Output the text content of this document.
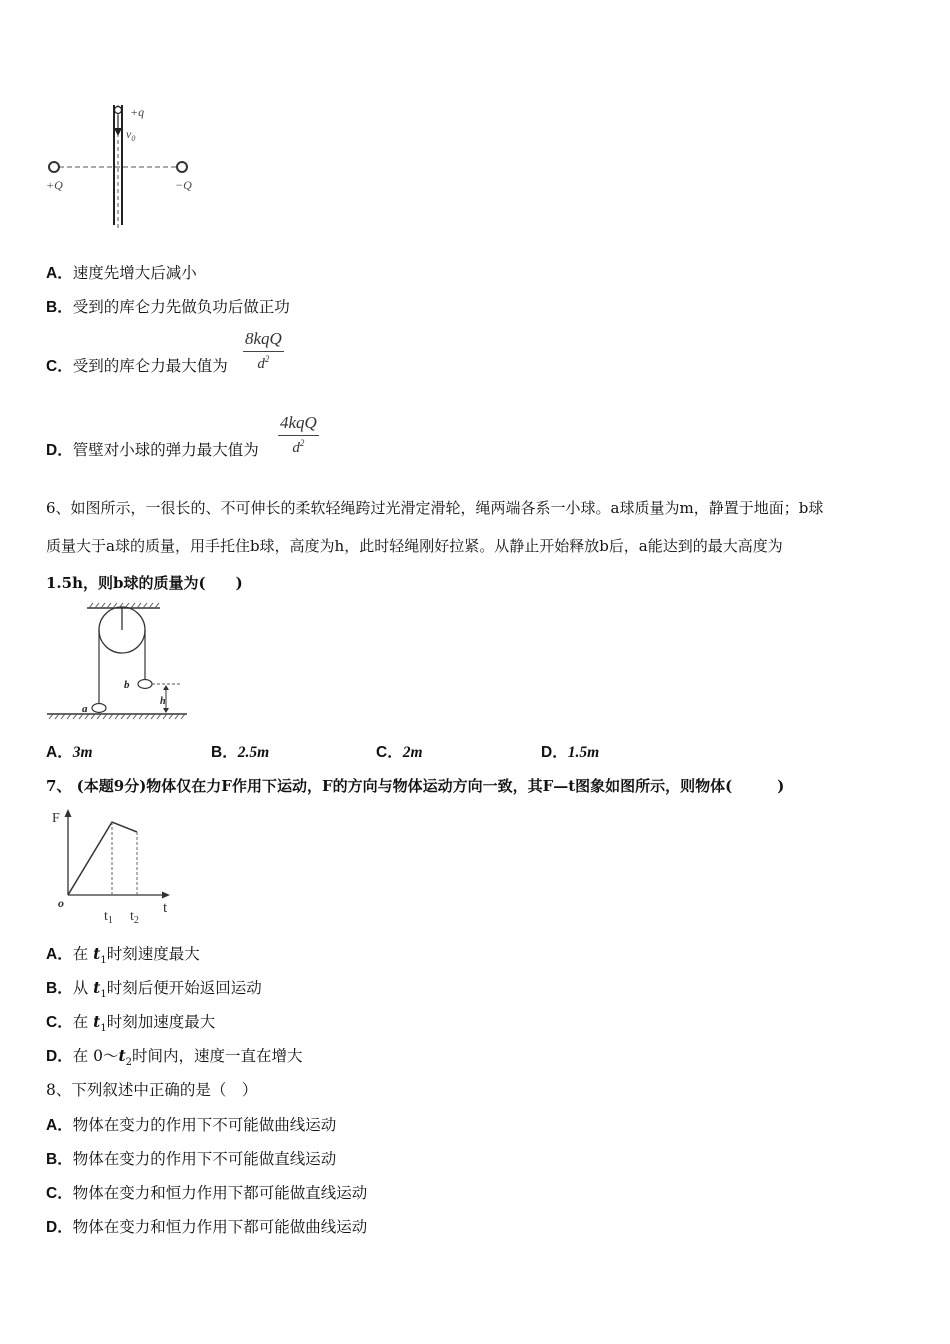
+q
$v_0$
+Q	−Q
A．速度先增大后减小
B．受到的库仑力先做负功后做正功
C．受到的库仑力最大值为
8kqQ
$d^2$
D．管壁对小球的弹力最大值为
4kqQ
$d^2$
6、如图所示，一很长的、不可伸长的柔软轻绳跨过光滑定滑轮，绳两端各系一小球。a球质量为m，静置于地面；b球
质量大于a球的质量，用手托住b球，高度为h，此时轻绳刚好拉紧。从静止开始释放b后，a能达到的最大高度为
1.5h，则b球的质量为(　　)
b
a
h
A．3m	B．2.5m	C．2m	D．1.5m
7、 (本题9分)物体仅在力F作用下运动，F的方向与物体运动方向一致，其F—t图象如图所示，则物体(　　　)
F
t
o
$t_1$ $t_2$
A．在 $t_1$时刻速度最大
B．从 $t_1$时刻后便开始返回运动
C．在 $t_1$时刻加速度最大
D．在 $0\sim t_2$时间内，速度一直在增大
8、下列叙述中正确的是（　）
A．物体在变力的作用下不可能做曲线运动
B．物体在变力的作用下不可能做直线运动
C．物体在变力和恒力作用下都可能做直线运动
D．物体在变力和恒力作用下都可能做曲线运动
